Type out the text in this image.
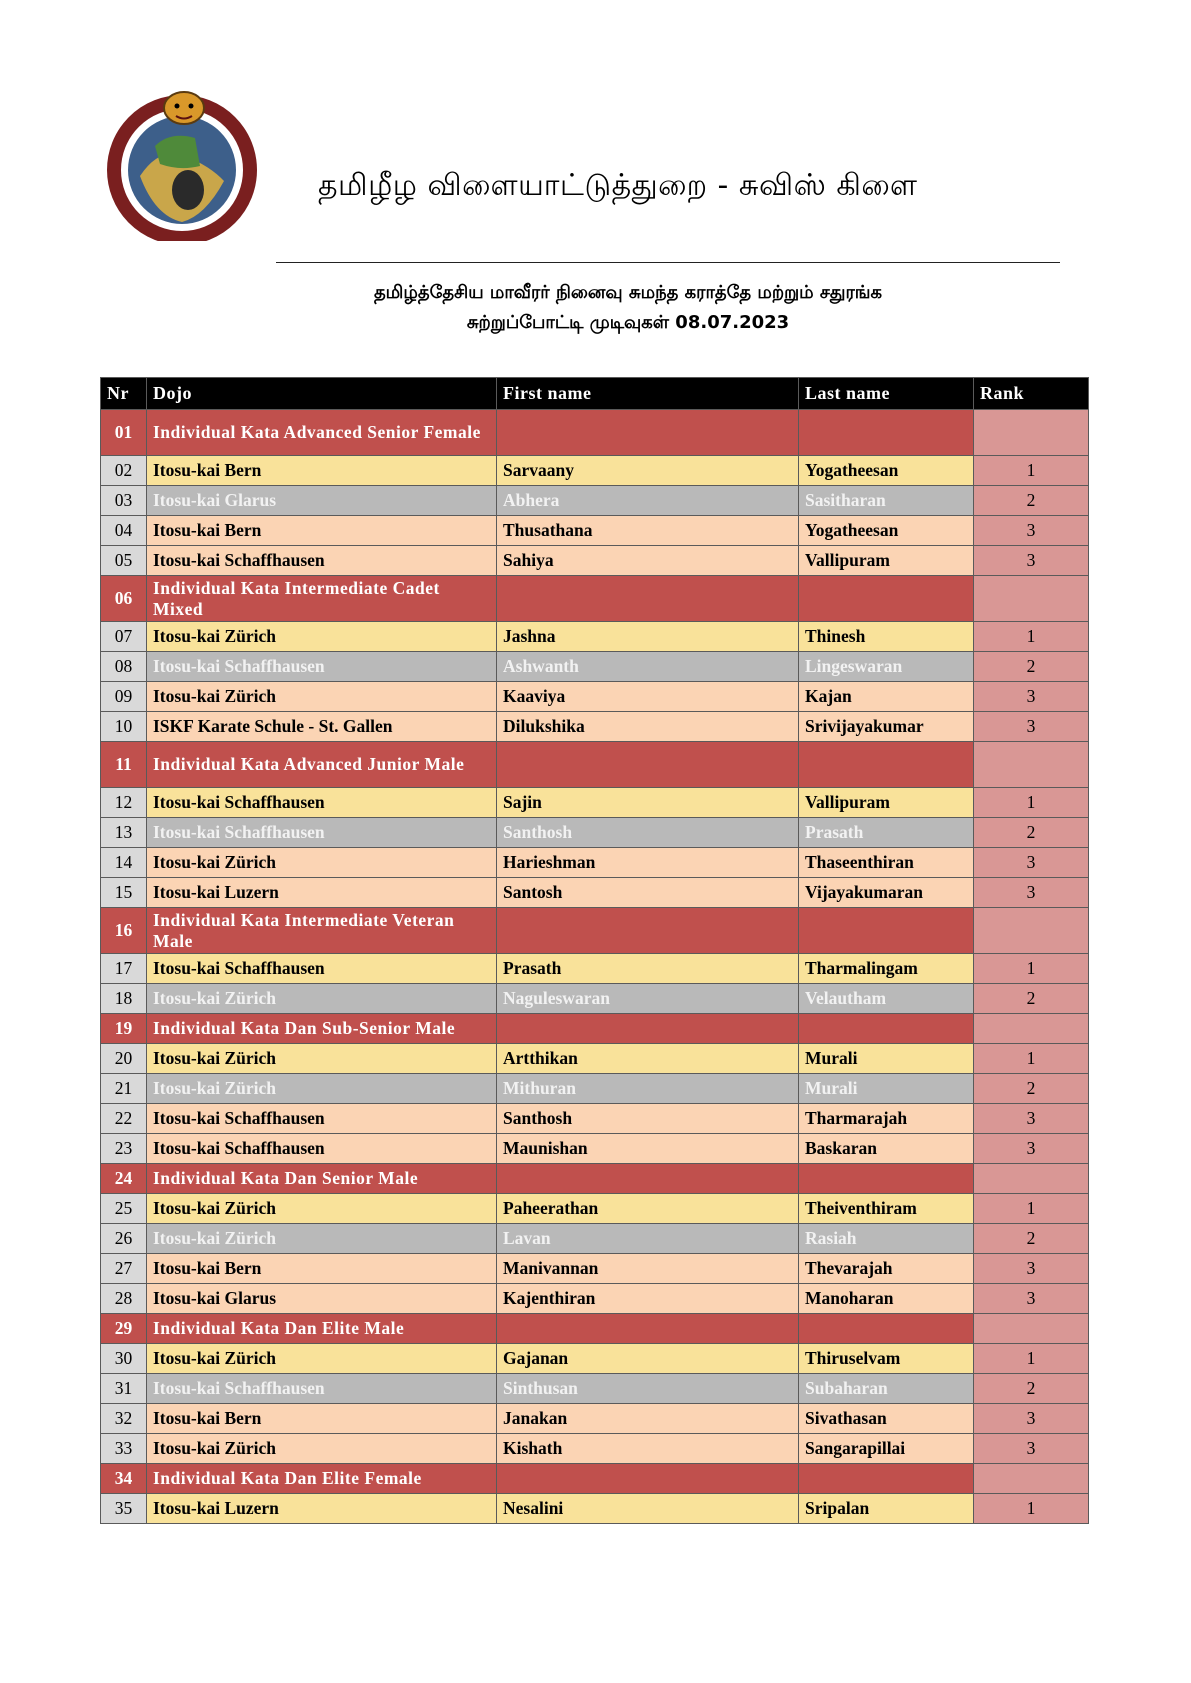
தமிழீழ விளையாட்டுத்துறை - சுவிஸ் கிளை
தமிழ்த்தேசிய மாவீரர் நினைவு சுமந்த கராத்தே மற்றும் சதுரங்க
சுற்றுப்போட்டி முடிவுகள் 08.07.2023
Nr	Dojo	First name	Last name	Rank
01	Individual Kata Advanced Senior Female			
02	Itosu-kai Bern	Sarvaany	Yogatheesan	1
03	Itosu-kai Glarus	Abhera	Sasitharan	2
04	Itosu-kai Bern	Thusathana	Yogatheesan	3
05	Itosu-kai Schaffhausen	Sahiya	Vallipuram	3
06	Individual Kata Intermediate Cadet Mixed			
07	Itosu-kai Zürich	Jashna	Thinesh	1
08	Itosu-kai Schaffhausen	Ashwanth	Lingeswaran	2
09	Itosu-kai Zürich	Kaaviya	Kajan	3
10	ISKF Karate Schule - St. Gallen	Dilukshika	Srivijayakumar	3
11	Individual Kata Advanced Junior Male			
12	Itosu-kai Schaffhausen	Sajin	Vallipuram	1
13	Itosu-kai Schaffhausen	Santhosh	Prasath	2
14	Itosu-kai Zürich	Harieshman	Thaseenthiran	3
15	Itosu-kai Luzern	Santosh	Vijayakumaran	3
16	Individual Kata Intermediate Veteran Male			
17	Itosu-kai Schaffhausen	Prasath	Tharmalingam	1
18	Itosu-kai Zürich	Naguleswaran	Velautham	2
19	Individual Kata Dan Sub-Senior Male			
20	Itosu-kai Zürich	Artthikan	Murali	1
21	Itosu-kai Zürich	Mithuran	Murali	2
22	Itosu-kai Schaffhausen	Santhosh	Tharmarajah	3
23	Itosu-kai Schaffhausen	Maunishan	Baskaran	3
24	Individual Kata Dan Senior Male			
25	Itosu-kai Zürich	Paheerathan	Theiventhiram	1
26	Itosu-kai Zürich	Lavan	Rasiah	2
27	Itosu-kai Bern	Manivannan	Thevarajah	3
28	Itosu-kai Glarus	Kajenthiran	Manoharan	3
29	Individual Kata Dan Elite Male			
30	Itosu-kai Zürich	Gajanan	Thiruselvam	1
31	Itosu-kai Schaffhausen	Sinthusan	Subaharan	2
32	Itosu-kai Bern	Janakan	Sivathasan	3
33	Itosu-kai Zürich	Kishath	Sangarapillai	3
34	Individual Kata Dan Elite Female			
35	Itosu-kai Luzern	Nesalini	Sripalan	1
